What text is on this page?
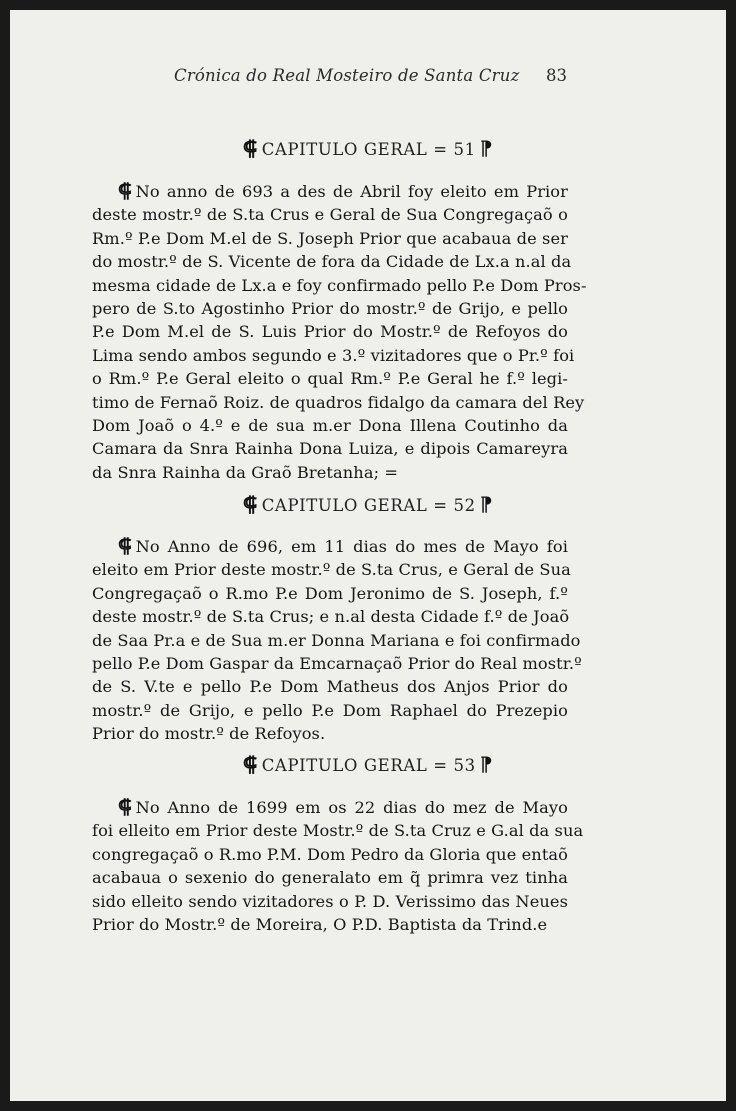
Crónica do Real Mosteiro de Santa Cruz 83
⸿ CAPITULO GERAL = 51 ⁋
⸿ No anno de 693 a des de Abril foy eleito em Prior
deste mostr.º de S.ta Crus e Geral de Sua Congregaçaõ o
Rm.º P.e Dom M.el de S. Joseph Prior que acabaua de ser
do mostr.º de S. Vicente de fora da Cidade de Lx.a n.al da
mesma cidade de Lx.a e foy confirmado pello P.e Dom Pros-
pero de S.to Agostinho Prior do mostr.º de Grijo, e pello
P.e Dom M.el de S. Luis Prior do Mostr.º de Refoyos do
Lima sendo ambos segundo e 3.º vizitadores que o Pr.º foi
o Rm.º P.e Geral eleito o qual Rm.º P.e Geral he f.º legi-
timo de Fernaõ Roiz. de quadros fidalgo da camara del Rey
Dom Joaõ o 4.º e de sua m.er Dona Illena Coutinho da
Camara da Snra Rainha Dona Luiza, e dipois Camareyra
da Snra Rainha da Graõ Bretanha; =
⸿ CAPITULO GERAL = 52 ⁋
⸿ No Anno de 696, em 11 dias do mes de Mayo foi
eleito em Prior deste mostr.º de S.ta Crus, e Geral de Sua
Congregaçaõ o R.mo P.e Dom Jeronimo de S. Joseph, f.º
deste mostr.º de S.ta Crus; e n.al desta Cidade f.º de Joaõ
de Saa Pr.a e de Sua m.er Donna Mariana e foi confirmado
pello P.e Dom Gaspar da Emcarnaçaõ Prior do Real mostr.º
de S. V.te e pello P.e Dom Matheus dos Anjos Prior do
mostr.º de Grijo, e pello P.e Dom Raphael do Prezepio
Prior do mostr.º de Refoyos.
⸿ CAPITULO GERAL = 53 ⁋
⸿ No Anno de 1699 em os 22 dias do mez de Mayo
foi elleito em Prior deste Mostr.º de S.ta Cruz e G.al da sua
congregaçaõ o R.mo P.M. Dom Pedro da Gloria que entaõ
acabaua o sexenio do generalato em q̃ primra vez tinha
sido elleito sendo vizitadores o P. D. Verissimo das Neues
Prior do Mostr.º de Moreira, O P.D. Baptista da Trind.e
